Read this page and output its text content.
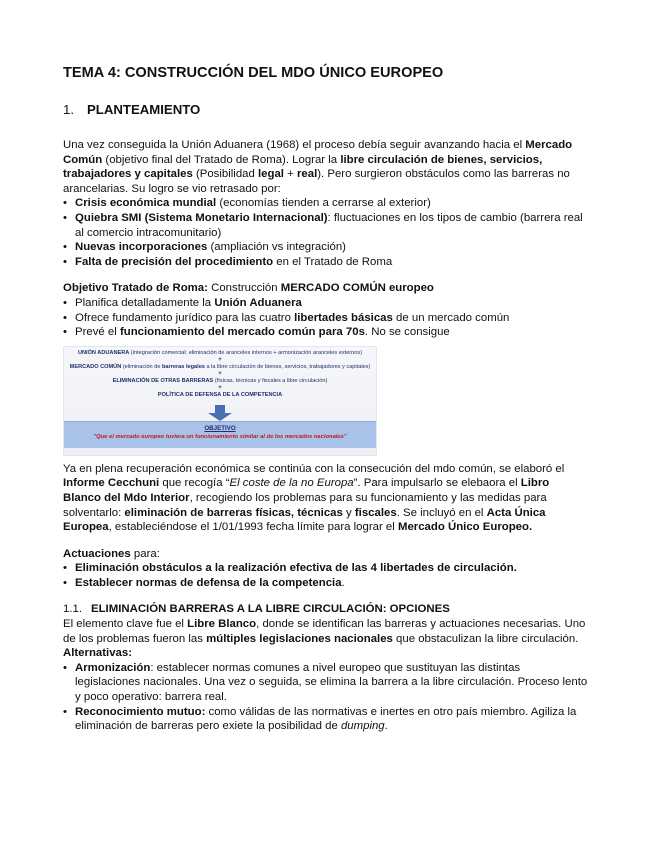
TEMA 4: CONSTRUCCIÓN DEL MDO ÚNICO EUROPEO
1. PLANTEAMIENTO

Una vez conseguida la Unión Aduanera (1968) el proceso debía seguir avanzando hacia el Mercado Común (objetivo final del Tratado de Roma). Lograr la libre circulación de bienes, servicios, trabajadores y capitales (Posibilidad legal + real). Pero surgieron obstáculos como las barreras no arancelarias. Su logro se vio retrasado por:

• Crisis económica mundial (economías tienden a cerrarse al exterior)
• Quiebra SMI (Sistema Monetario Internacional): fluctuaciones en los tipos de cambio (barrera real al comercio intracomunitario)
• Nuevas incorporaciones (ampliación vs integración)
• Falta de precisión del procedimiento en el Tratado de Roma

Objetivo Tratado de Roma: Construcción MERCADO COMÚN europeo

• Planifica detalladamente la Unión Aduanera
• Ofrece fundamento jurídico para las cuatro libertades básicas de un mercado común
• Prevé el funcionamiento del mercado común para 70s. No se consigue
UNIÓN ADUANERA (integración comercial: eliminación de aranceles internos + armonización aranceles externos)
+
MERCADO COMÚN (eliminación de barreras legales a la libre circulación de bienes, servicios, trabajadores y capitales)
+
ELIMINACIÓN DE OTRAS BARRERAS (físicas, técnicas y fiscales a libre circulación)
+
POLÍTICA DE DEFENSA DE LA COMPETENCIA
OBJETIVO
"Que el mercado europeo tuviera un funcionamiento similar al de los mercados nacionales"

Ya en plena recuperación económica se continúa con la consecución del mdo común, se elaboró el Informe Cecchuni que recogía “El coste de la no Europa”. Para impulsarlo se elebaora el Libro Blanco del Mdo Interior, recogiendo los problemas para su funcionamiento y las medidas para solventarlo: eliminación de barreras físicas, técnicas y fiscales. Se incluyó en el Acta Única Europea, estableciéndose el 1/01/1993 fecha límite para lograr el Mercado Único Europeo.

Actuaciones para:

• Eliminación obstáculos a la realización efectiva de las 4 libertades de circulación.
• Establecer normas de defensa de la competencia.
1.1. ELIMINACIÓN BARRERAS A LA LIBRE CIRCULACIÓN: OPCIONES

El elemento clave fue el Libre Blanco, donde se identifican las barreras y actuaciones necesarias. Uno de los problemas fueron las múltiples legislaciones nacionales que obstaculizan la libre circulación. Alternativas:

• Armonización: establecer normas comunes a nivel europeo que sustituyan las distintas legislaciones nacionales. Una vez o seguida, se elimina la barrera a la libre circulación. Proceso lento y poco operativo: barrera real.
• Reconocimiento mutuo: como válidas de las normativas e inertes en otro país miembro. Agiliza la eliminación de barreras pero exiete la posibilidad de dumping.
